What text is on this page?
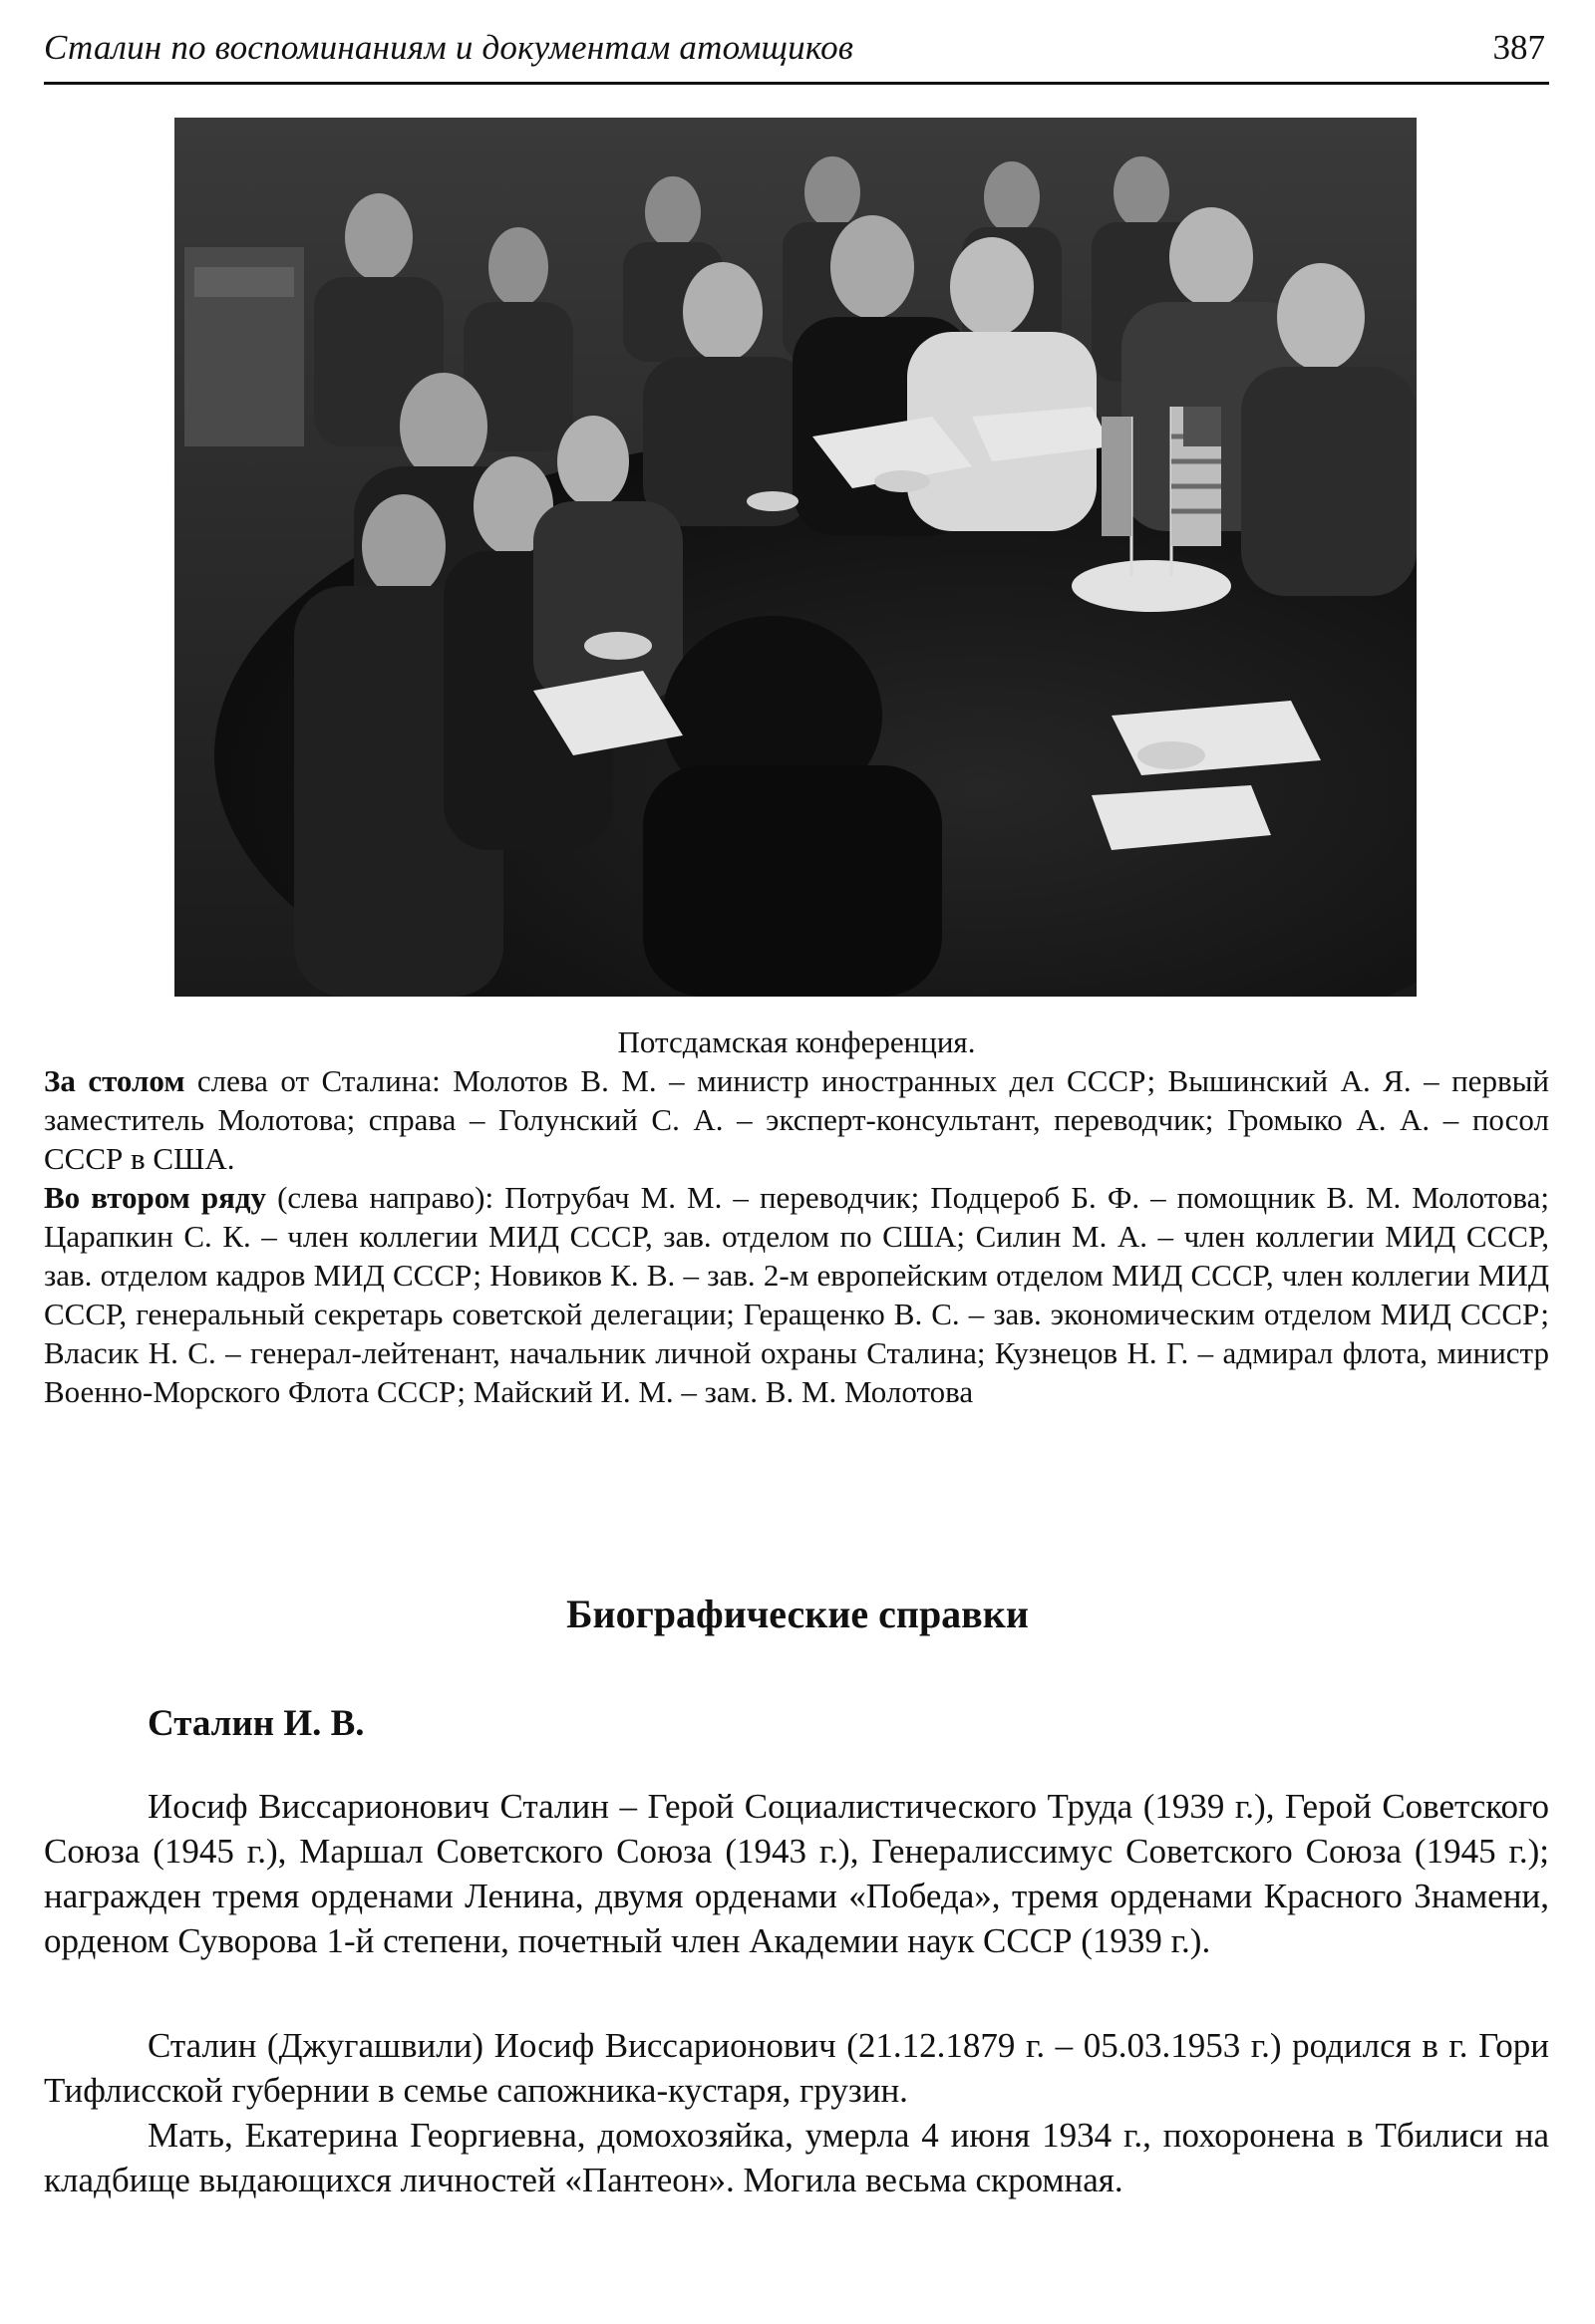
Сталин по воспоминаниям и документам атомщиков	387

Потсдамская конференция.

За столом слева от Сталина: Молотов В. М. – министр иностранных дел СССР; Вышинский А. Я. – первый заместитель Молотова; справа – Голунский С. А. – эксперт-консультант, переводчик; Громыко А. А. – посол СССР в США.

Во втором ряду (слева направо): Потрубач М. М. – переводчик; Подцероб Б. Ф. – помощник В. М. Молотова; Царапкин С. К. – член коллегии МИД СССР, зав. отделом по США; Силин М. А. – член коллегии МИД СССР, зав. отделом кадров МИД СССР; Новиков К. В. – зав. 2-м европейским отделом МИД СССР, член коллегии МИД СССР, генеральный секретарь советской делегации; Геращенко В. С. – зав. экономическим отделом МИД СССР; Власик Н. С. – генерал-лейтенант, начальник личной охраны Сталина; Кузнецов Н. Г. – адмирал флота, министр Военно-Морского Флота СССР; Майский И. М. – зам. В. М. Молотова

Биографические справки
Сталин И. В.

Иосиф Виссарионович Сталин – Герой Социалистического Труда (1939 г.), Герой Советского Союза (1945 г.), Маршал Советского Союза (1943 г.), Генералиссимус Советского Союза (1945 г.); награжден тремя орденами Ленина, двумя орденами «Победа», тремя орденами Красного Знамени, орденом Суворова 1-й степени, почетный член Академии наук СССР (1939 г.).

Сталин (Джугашвили) Иосиф Виссарионович (21.12.1879 г. – 05.03.1953 г.) родился в г. Гори Тифлисской губернии в семье сапожника-кустаря, грузин.

Мать, Екатерина Георгиевна, домохозяйка, умерла 4 июня 1934 г., похоронена в Тбилиси на кладбище выдающихся личностей «Пантеон». Могила весьма скромная.
